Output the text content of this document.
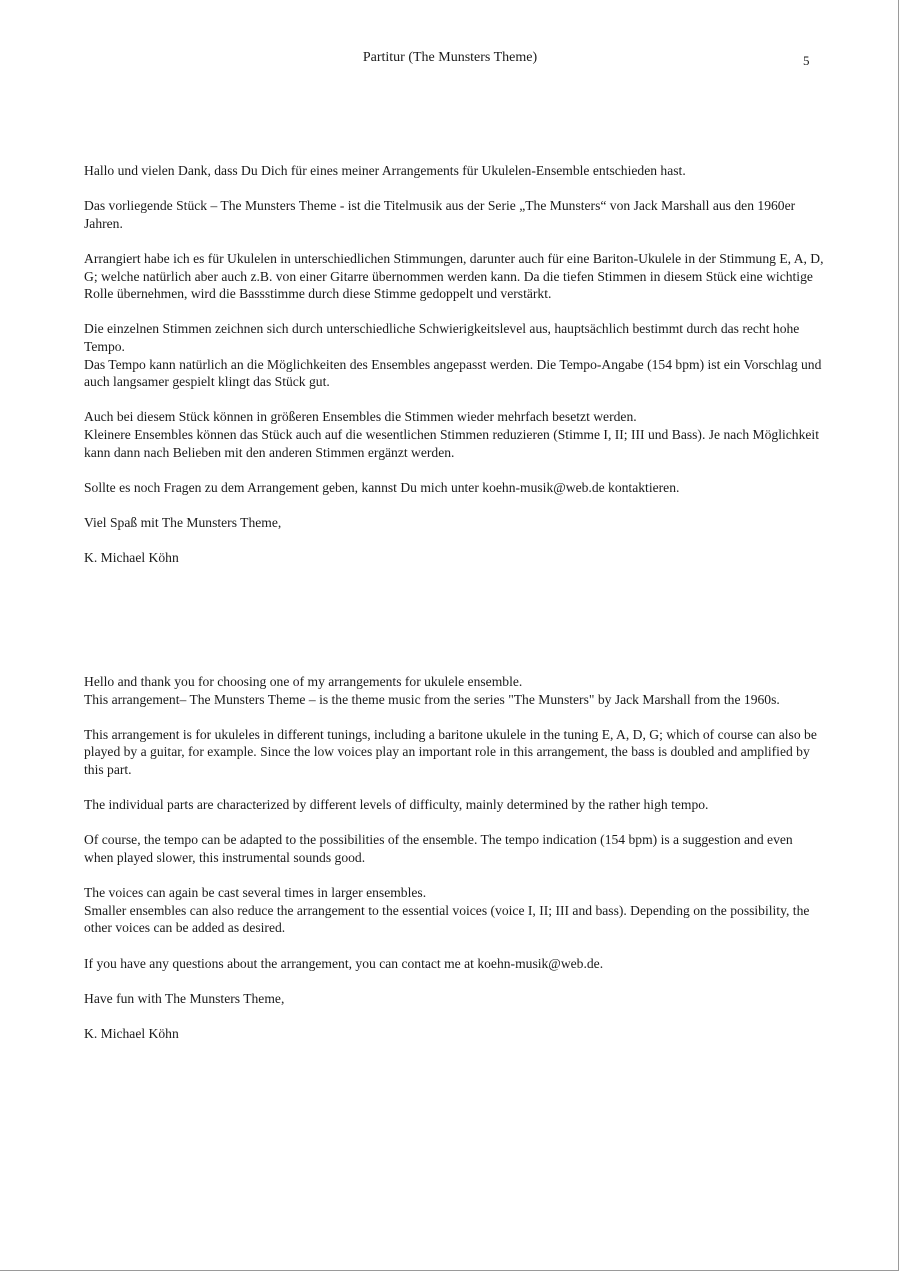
Partitur (The Munsters Theme)	5

Hallo und vielen Dank, dass Du Dich für eines meiner Arrangements für Ukulelen-Ensemble entschieden hast.

Das vorliegende Stück – The Munsters Theme - ist die Titelmusik aus der Serie „The Munsters“ von Jack Marshall aus den 1960er Jahren.

Arrangiert habe ich es für Ukulelen in unterschiedlichen Stimmungen, darunter auch für eine Bariton-Ukulele in der Stimmung E, A, D, G; welche natürlich aber auch z.B. von einer Gitarre übernommen werden kann. Da die tiefen Stimmen in diesem Stück eine wichtige Rolle übernehmen, wird die Bassstimme durch diese Stimme gedoppelt und verstärkt.

Die einzelnen Stimmen zeichnen sich durch unterschiedliche Schwierigkeitslevel aus, hauptsächlich bestimmt durch das recht hohe Tempo.
Das Tempo kann natürlich an die Möglichkeiten des Ensembles angepasst werden. Die Tempo-Angabe (154 bpm) ist ein Vorschlag und auch langsamer gespielt klingt das Stück gut.

Auch bei diesem Stück können in größeren Ensembles die Stimmen wieder mehrfach besetzt werden.
Kleinere Ensembles können das Stück auch auf die wesentlichen Stimmen reduzieren (Stimme I, II; III und Bass). Je nach Möglichkeit kann dann nach Belieben mit den anderen Stimmen ergänzt werden.

Sollte es noch Fragen zu dem Arrangement geben, kannst Du mich unter koehn-musik@web.de kontaktieren.

Viel Spaß mit The Munsters Theme,

K. Michael Köhn

Hello and thank you for choosing one of my arrangements for ukulele ensemble.
This arrangement– The Munsters Theme – is the theme music from the series "The Munsters" by Jack Marshall from the 1960s.

This arrangement is for ukuleles in different tunings, including a baritone ukulele in the tuning E, A, D, G; which of course can also be played by a guitar, for example. Since the low voices play an important role in this arrangement, the bass is doubled and amplified by this part.

The individual parts are characterized by different levels of difficulty, mainly determined by the rather high tempo.

Of course, the tempo can be adapted to the possibilities of the ensemble. The tempo indication (154 bpm) is a suggestion and even when played slower, this instrumental sounds good.

The voices can again be cast several times in larger ensembles.
Smaller ensembles can also reduce the arrangement to the essential voices (voice I, II; III and bass). Depending on the possibility, the other voices can be added as desired.

If you have any questions about the arrangement, you can contact me at koehn-musik@web.de.

Have fun with The Munsters Theme,

K. Michael Köhn
